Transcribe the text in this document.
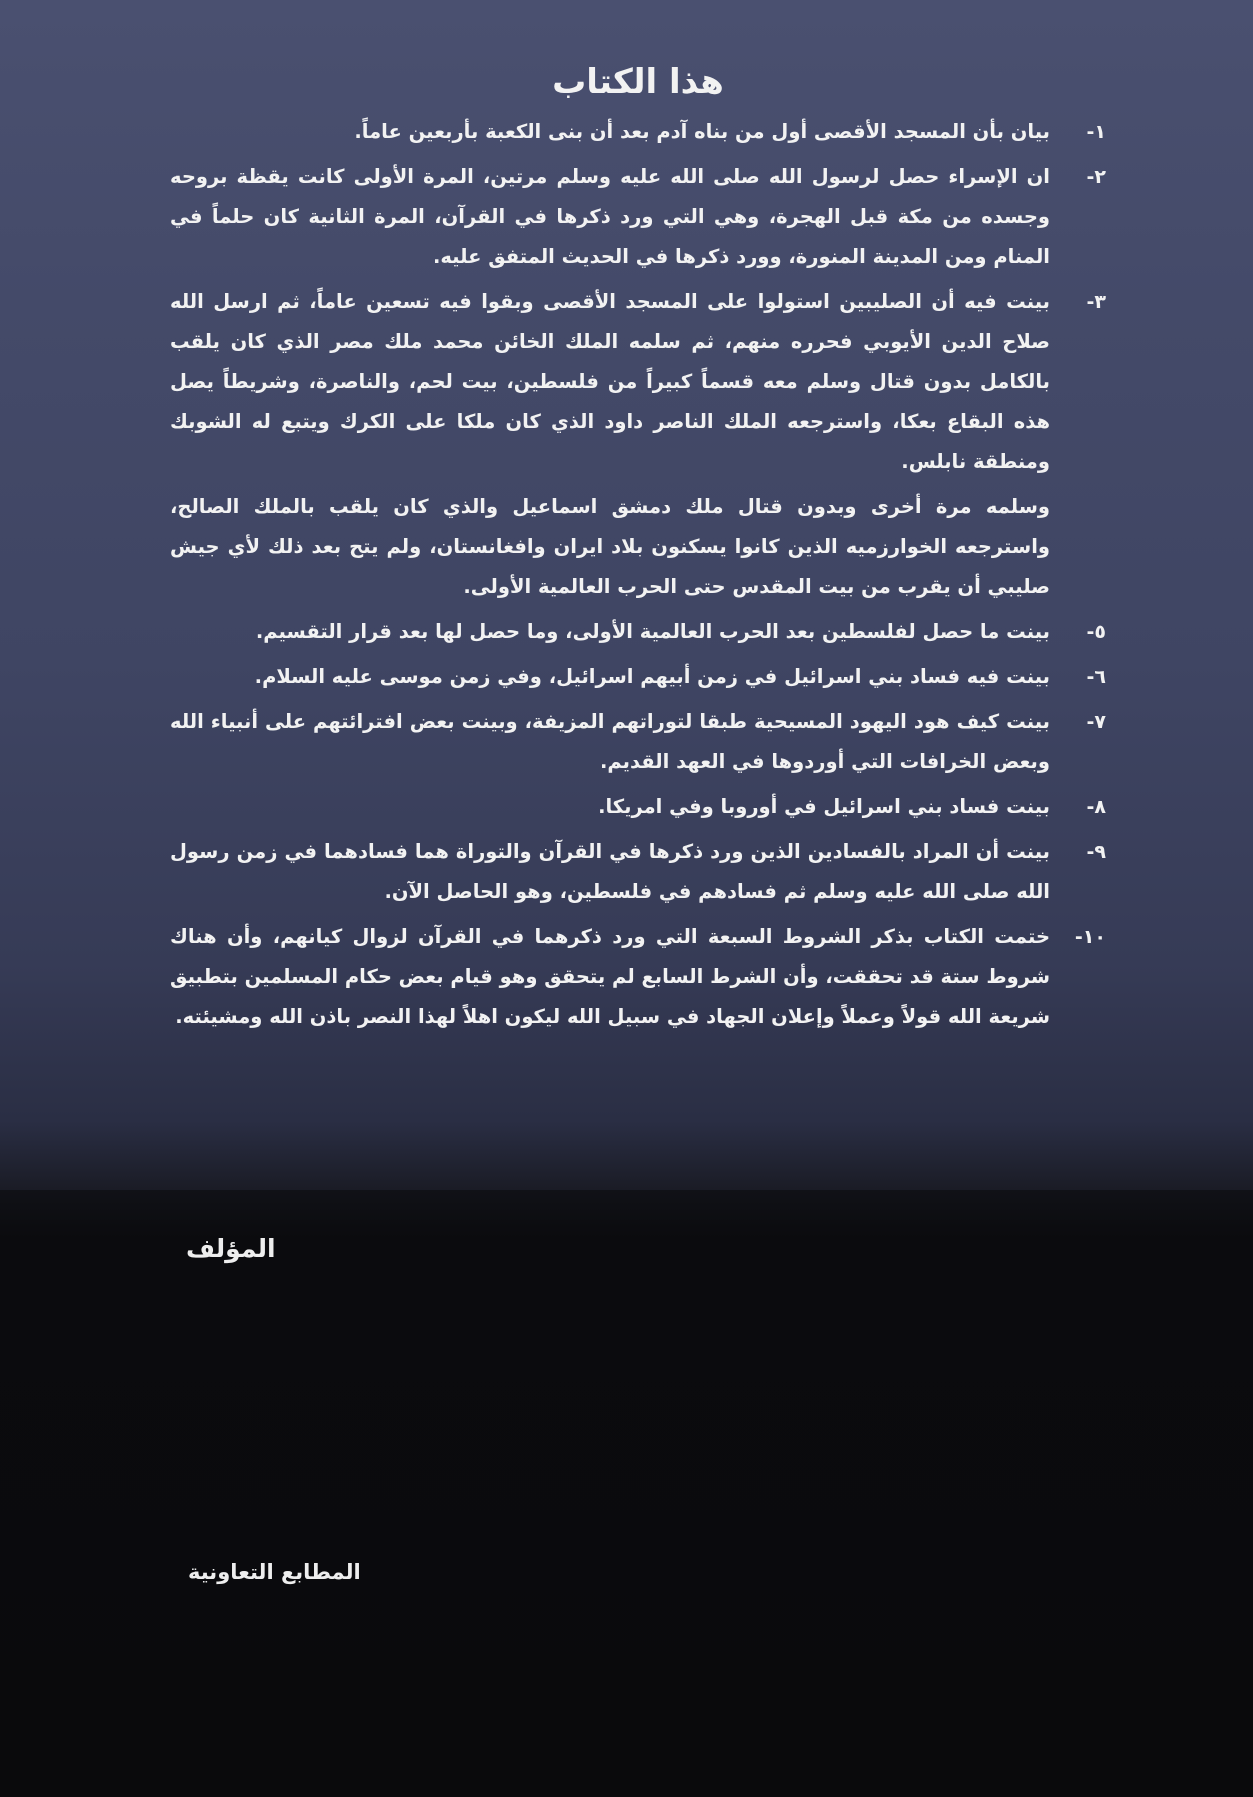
هذا الكتاب
١-
بيان بأن المسجد الأقصى أول من بناه آدم بعد أن بنى الكعبة بأربعين عاماً.
٢-
ان الإسراء حصل لرسول الله صلى الله عليه وسلم مرتين، المرة الأولى كانت يقظة بروحه وجسده من مكة قبل الهجرة، وهي التي ورد ذكرها في القرآن، المرة الثانية كان حلماً في المنام ومن المدينة المنورة، وورد ذكرها في الحديث المتفق عليه.
٣-
بينت فيه أن الصليبين استولوا على المسجد الأقصى وبقوا فيه تسعين عاماً، ثم ارسل الله صلاح الدين الأيوبي فحرره منهم، ثم سلمه الملك الخائن محمد ملك مصر الذي كان يلقب بالكامل بدون قتال وسلم معه قسماً كبيراً من فلسطين، بيت لحم، والناصرة، وشريطاً يصل هذه البقاع بعكا، واسترجعه الملك الناصر داود الذي كان ملكا على الكرك ويتبع له الشوبك ومنطقة نابلس.
وسلمه مرة أخرى وبدون قتال ملك دمشق اسماعيل والذي كان يلقب بالملك الصالح، واسترجعه الخوارزميه الذين كانوا يسكنون بلاد ايران وافغانستان، ولم يتح بعد ذلك لأي جيش صليبي أن يقرب من بيت المقدس حتى الحرب العالمية الأولى.
٥-
بينت ما حصل لفلسطين بعد الحرب العالمية الأولى، وما حصل لها بعد قرار التقسيم.
٦-
بينت فيه فساد بني اسرائيل في زمن أبيهم اسرائيل، وفي زمن موسى عليه السلام.
٧-
بينت كيف هود اليهود المسيحية طبقا لتوراتهم المزيفة، وبينت بعض افترائتهم على أنبياء الله وبعض الخرافات التي أوردوها في العهد القديم.
٨-
بينت فساد بني اسرائيل في أوروبا وفي امريكا.
٩-
بينت أن المراد بالفسادين الذين ورد ذكرها في القرآن والتوراة هما فسادهما في زمن رسول الله صلى الله عليه وسلم ثم فسادهم في فلسطين، وهو الحاصل الآن.
١٠-
ختمت الكتاب بذكر الشروط السبعة التي ورد ذكرهما في القرآن لزوال كيانهم، وأن هناك شروط ستة قد تحققت، وأن الشرط السابع لم يتحقق وهو قيام بعض حكام المسلمين بتطبيق شريعة الله قولاً وعملاً وإعلان الجهاد في سبيل الله ليكون اهلاً لهذا النصر باذن الله ومشيئته.
المؤلف
المطابع التعاونية
